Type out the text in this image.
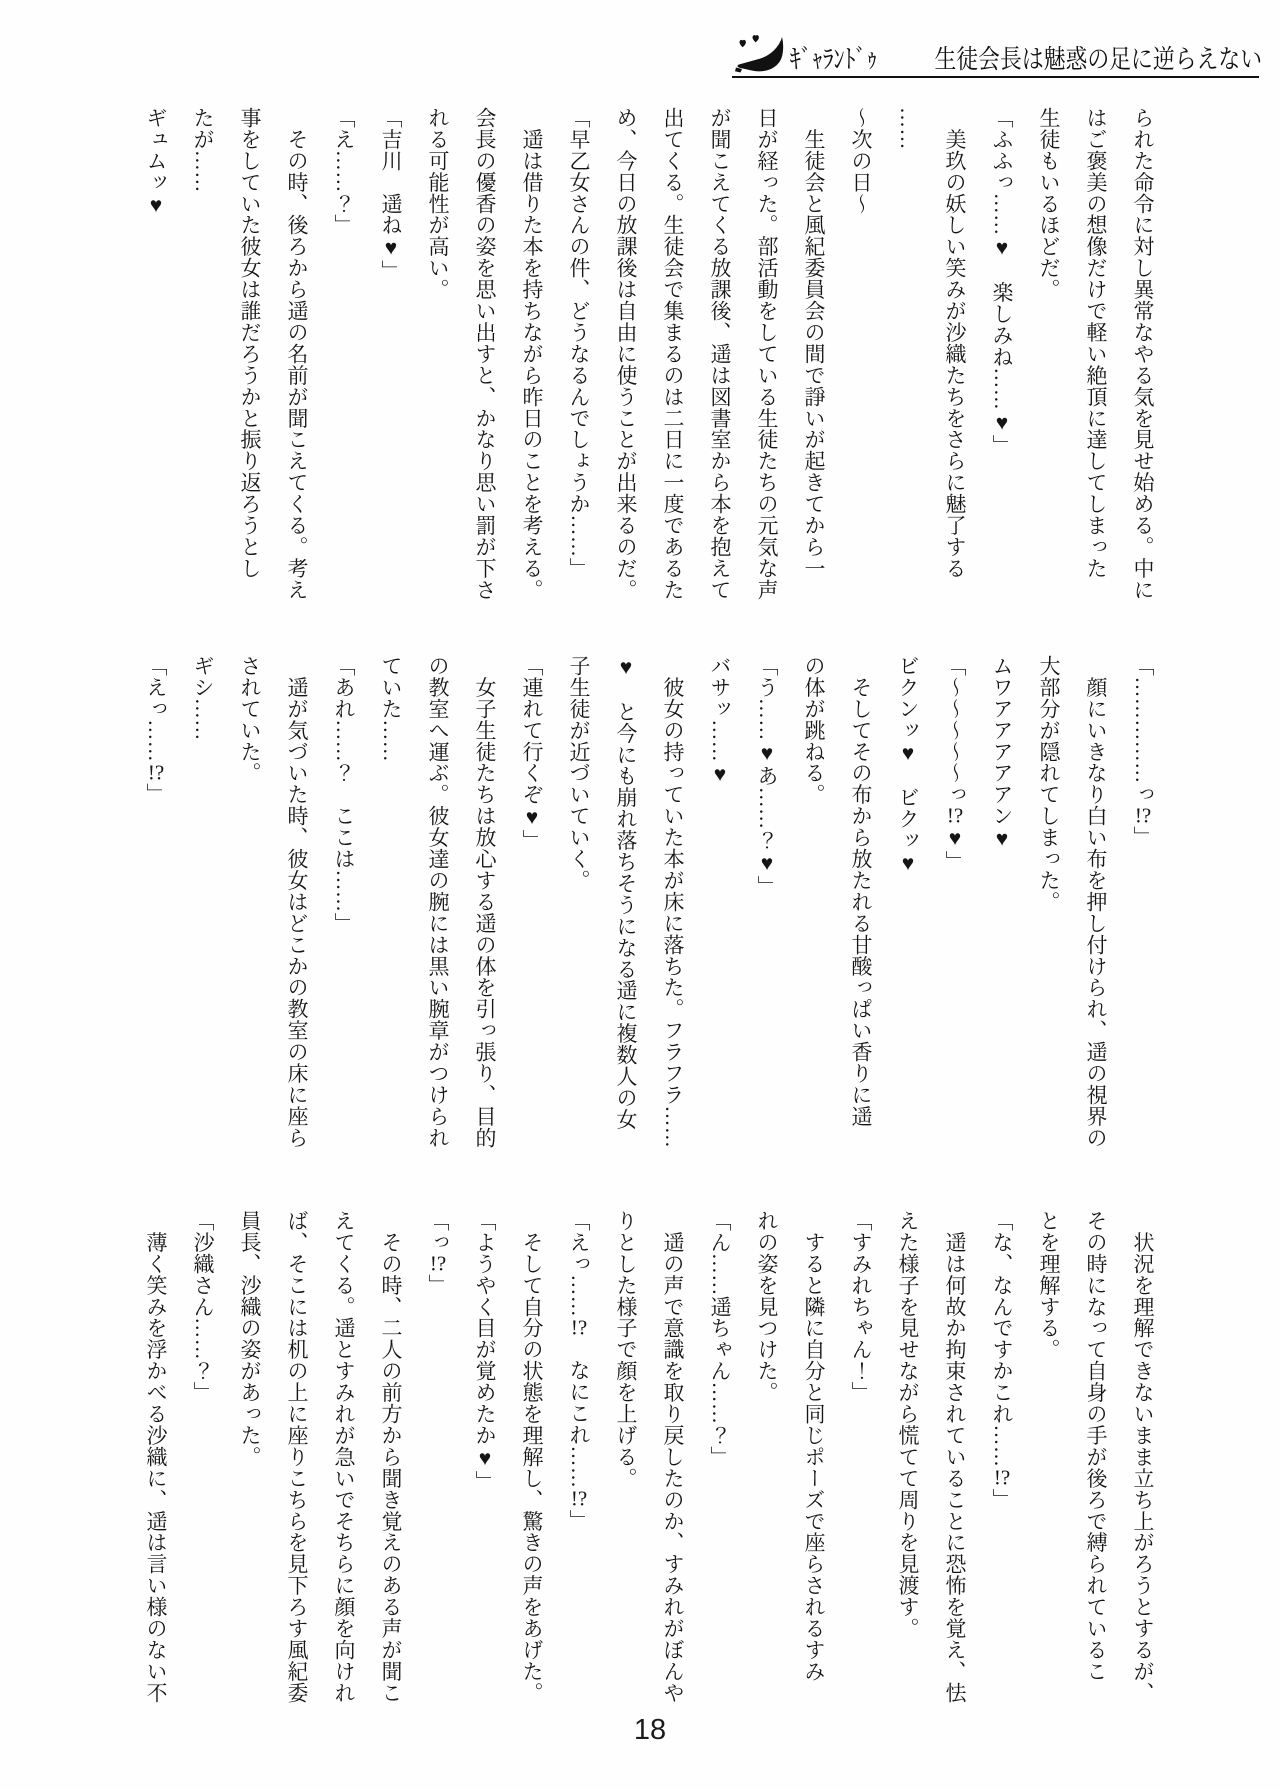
ｷﾞｬﾗﾝﾄﾞｩ 生徒会長は魅惑の足に逆らえない

られた命令に対し異常なやる気を見せ始める。中に

はご褒美の想像だけで軽い絶頂に達してしまった

生徒もいるほどだ。

「ふふっ……♥　楽しみね……♥」

　美玖の妖しい笑みが沙織たちをさらに魅了する

……

～次の日～

　生徒会と風紀委員会の間で諍いが起きてから一

日が経った。部活動をしている生徒たちの元気な声

が聞こえてくる放課後、遥は図書室から本を抱えて

出てくる。生徒会で集まるのは二日に一度であるた

め、今日の放課後は自由に使うことが出来るのだ。

「早乙女さんの件、どうなるんでしょうか……」

　遥は借りた本を持ちながら昨日のことを考える。

会長の優香の姿を思い出すと、かなり思い罰が下さ

れる可能性が高い。

「吉川　遥ね♥」

「え……？」

　その時、後ろから遥の名前が聞こえてくる。考え

事をしていた彼女は誰だろうかと振り返ろうとし

たが……

ギュムッ♥

「……………っ!?」

　顔にいきなり白い布を押し付けられ、遥の視界の

大部分が隠れてしまった。

ムワアアアアアン♥

「～～～～～っ!?♥」

ビクンッ♥　ビクッ♥

　そしてその布から放たれる甘酸っぱい香りに遥

の体が跳ねる。

「う……♥あ……？♥」

バサッ……♥

　彼女の持っていた本が床に落ちた。フラフラ……

♥　と今にも崩れ落ちそうになる遥に複数人の女

子生徒が近づいていく。

「連れて行くぞ♥」

　女子生徒たちは放心する遥の体を引っ張り、目的

の教室へ運ぶ。彼女達の腕には黒い腕章がつけられ

ていた……

「あれ……？　ここは……」

　遥が気づいた時、彼女はどこかの教室の床に座ら

されていた。

ギシ……

「えっ……!?」

　状況を理解できないまま立ち上がろうとするが、

その時になって自身の手が後ろで縛られているこ

とを理解する。

「な、なんですかこれ……!?」

　遥は何故か拘束されていることに恐怖を覚え、怯

えた様子を見せながら慌てて周りを見渡す。

「すみれちゃん！」

　すると隣に自分と同じポーズで座らされるすみ

れの姿を見つけた。

「ん……遥ちゃん……？」

　遥の声で意識を取り戻したのか、すみれがぼんや

りとした様子で顔を上げる。

「えっ……!?　なにこれ……!?」

　そして自分の状態を理解し、驚きの声をあげた。

「ようやく目が覚めたか♥」

「っ!?」

　その時、二人の前方から聞き覚えのある声が聞こ

えてくる。遥とすみれが急いでそちらに顔を向けれ

ば、そこには机の上に座りこちらを見下ろす風紀委

員長、沙織の姿があった。

「沙織さん……？」

　薄く笑みを浮かべる沙織に、遥は言い様のない不

18
